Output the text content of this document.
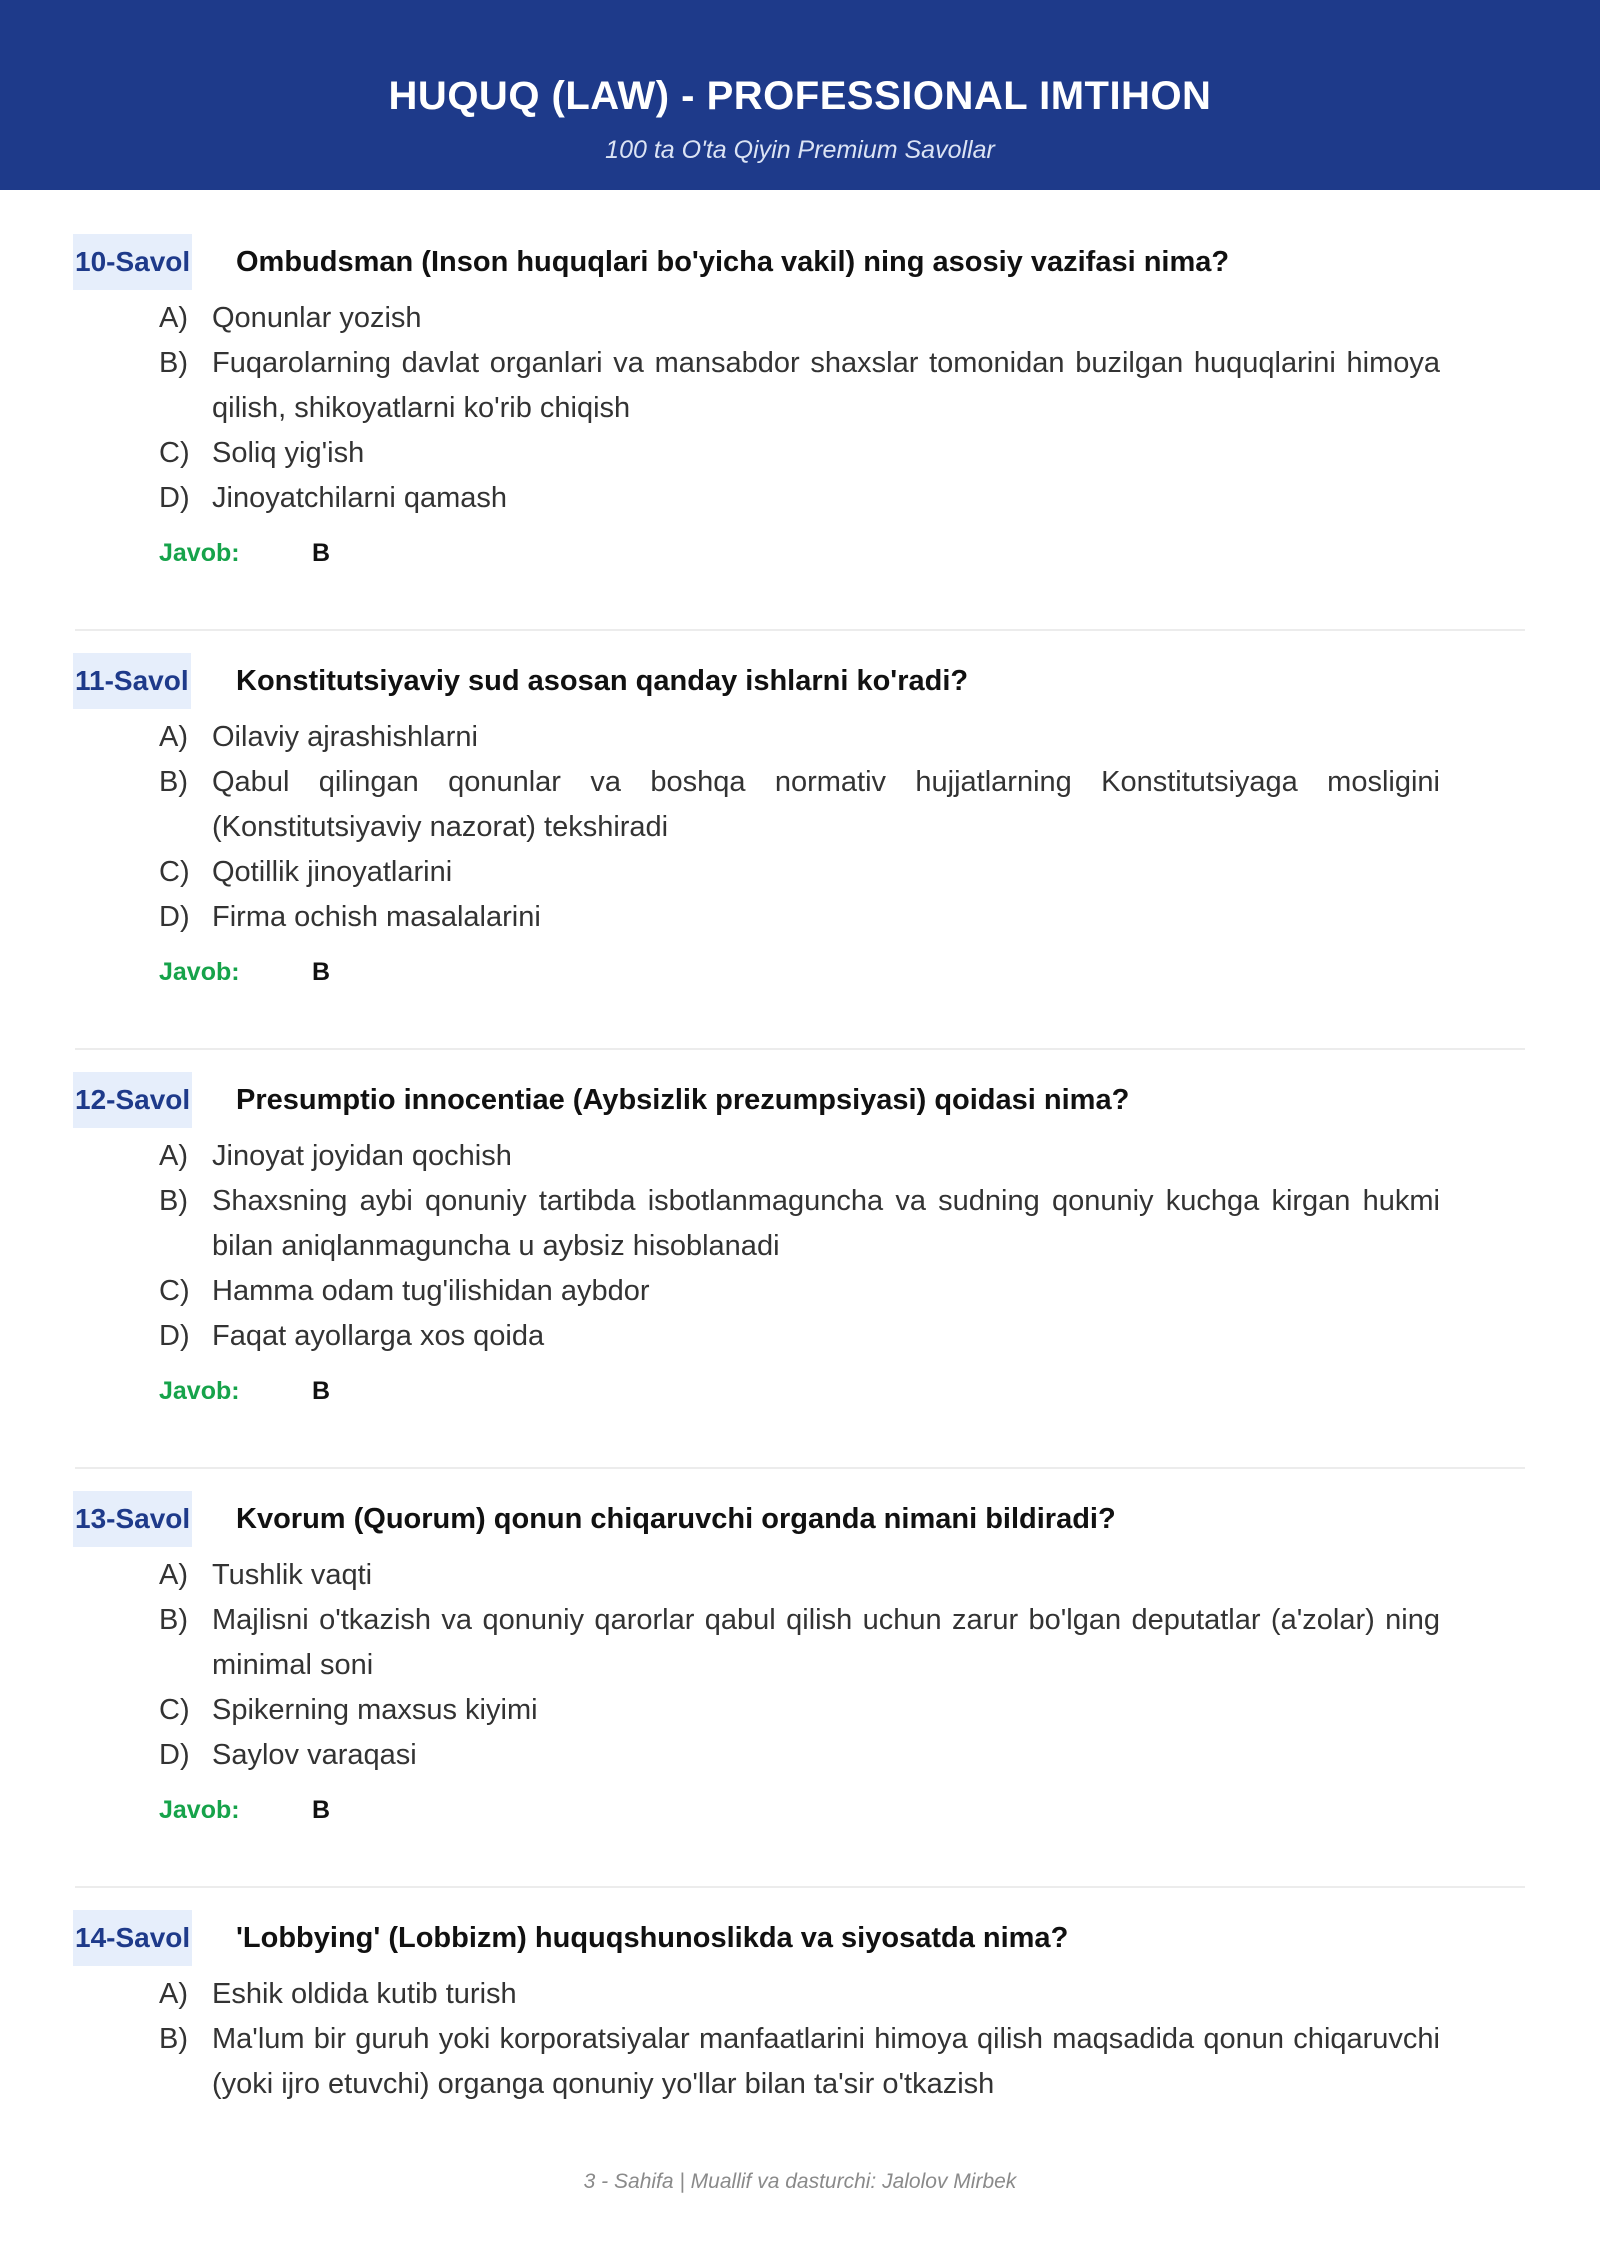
HUQUQ (LAW) - PROFESSIONAL IMTIHON
100 ta O'ta Qiyin Premium Savollar
10-Savol Ombudsman (Inson huquqlari bo'yicha vakil) ning asosiy vazifasi nima?
A) Qonunlar yozish
B) Fuqarolarning davlat organlari va mansabdor shaxslar tomonidan buzilgan huquqlarini himoya qilish, shikoyatlarni ko'rib chiqish
C) Soliq yig'ish
D) Jinoyatchilarni qamash
Javob:	B
11-Savol Konstitutsiyaviy sud asosan qanday ishlarni ko'radi?
A) Oilaviy ajrashishlarni
B) Qabul qilingan qonunlar va boshqa normativ hujjatlarning Konstitutsiyaga mosligini (Konstitutsiyaviy nazorat) tekshiradi
C) Qotillik jinoyatlarini
D) Firma ochish masalalarini
Javob:	B
12-Savol Presumptio innocentiae (Aybsizlik prezumpsiyasi) qoidasi nima?
A) Jinoyat joyidan qochish
B) Shaxsning aybi qonuniy tartibda isbotlanmaguncha va sudning qonuniy kuchga kirgan hukmi bilan aniqlanmaguncha u aybsiz hisoblanadi
C) Hamma odam tug'ilishidan aybdor
D) Faqat ayollarga xos qoida
Javob:	B
13-Savol Kvorum (Quorum) qonun chiqaruvchi organda nimani bildiradi?
A) Tushlik vaqti
B) Majlisni o'tkazish va qonuniy qarorlar qabul qilish uchun zarur bo'lgan deputatlar (a'zolar) ning minimal soni
C) Spikerning maxsus kiyimi
D) Saylov varaqasi
Javob:	B
14-Savol 'Lobbying' (Lobbizm) huquqshunoslikda va siyosatda nima?
A) Eshik oldida kutib turish
B) Ma'lum bir guruh yoki korporatsiyalar manfaatlarini himoya qilish maqsadida qonun chiqaruvchi (yoki ijro etuvchi) organga qonuniy yo'llar bilan ta'sir o'tkazish
3 - Sahifa | Muallif va dasturchi: Jalolov Mirbek
